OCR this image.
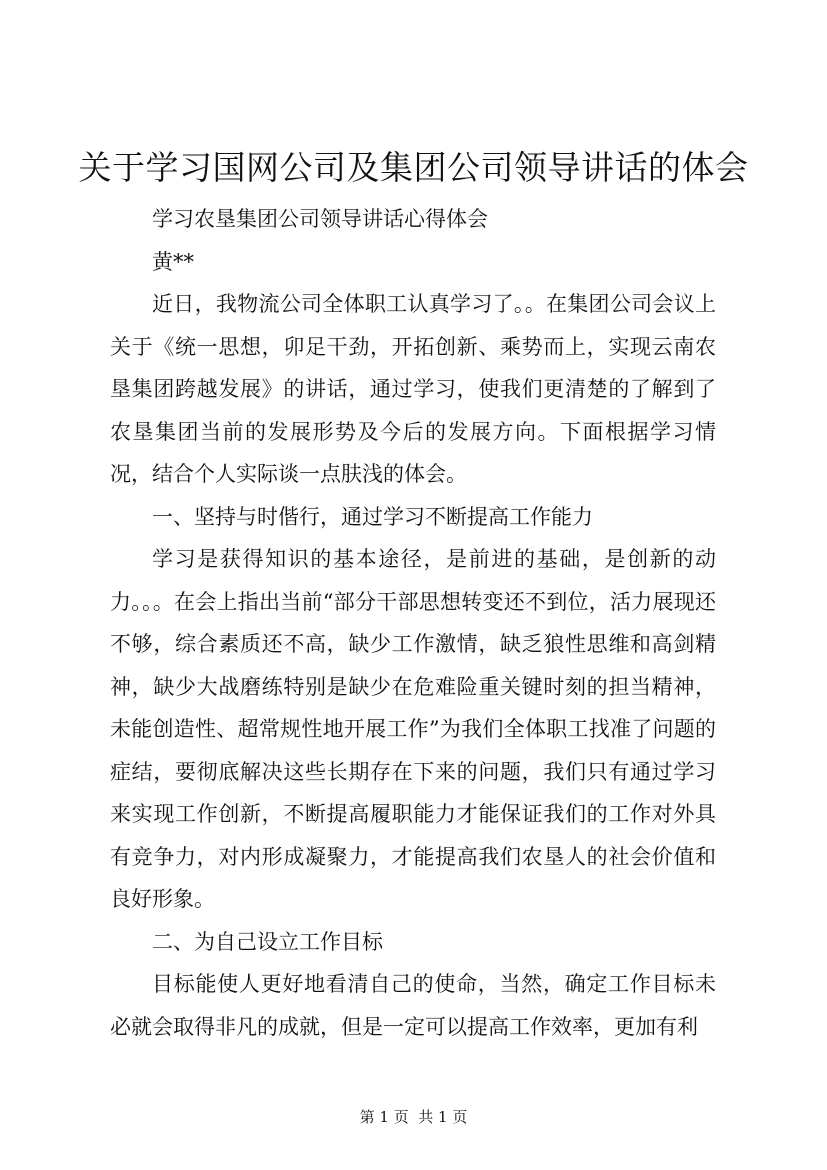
关于学习国网公司及集团公司领导讲话的体会

学习农垦集团公司领导讲话心得体会

黄**

近日，我物流公司全体职工认真学习了。。在集团公司会议上关于《统一思想，卯足干劲，开拓创新、乘势而上，实现云南农垦集团跨越发展》的讲话，通过学习，使我们更清楚的了解到了农垦集团当前的发展形势及今后的发展方向。下面根据学习情况，结合个人实际谈一点肤浅的体会。

一、坚持与时偕行，通过学习不断提高工作能力

学习是获得知识的基本途径，是前进的基础，是创新的动力。。。在会上指出当前“部分干部思想转变还不到位，活力展现还不够，综合素质还不高，缺少工作激情，缺乏狼性思维和高剑精神，缺少大战磨练特别是缺少在危难险重关键时刻的担当精神，未能创造性、超常规性地开展工作”为我们全体职工找准了问题的症结，要彻底解决这些长期存在下来的问题，我们只有通过学习来实现工作创新，不断提高履职能力才能保证我们的工作对外具有竞争力，对内形成凝聚力，才能提高我们农垦人的社会价值和良好形象。

二、为自己设立工作目标

目标能使人更好地看清自己的使命，当然，确定工作目标未必就会取得非凡的成就，但是一定可以提高工作效率，更加有利

第 1 页  共 1 页
